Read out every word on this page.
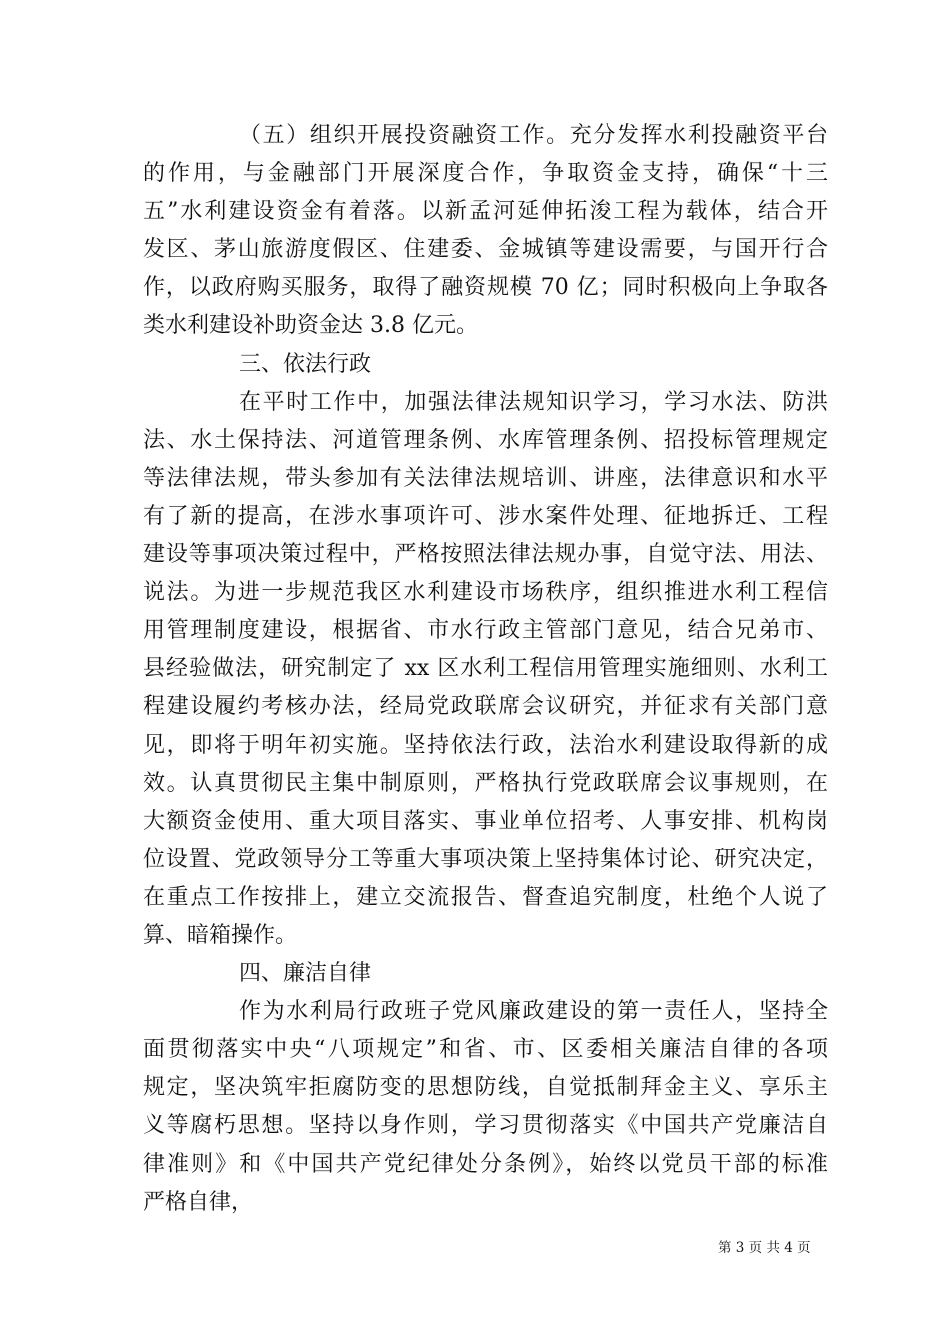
（五）组织开展投资融资工作。充分发挥水利投融资平台
的作用，与金融部门开展深度合作，争取资金支持，确保“十三
五”水利建设资金有着落。以新孟河延伸拓浚工程为载体，结合开
发区、茅山旅游度假区、住建委、金城镇等建设需要，与国开行合
作，以政府购买服务，取得了融资规模 70 亿；同时积极向上争取各
类水利建设补助资金达 3.8 亿元。
三、依法行政
在平时工作中，加强法律法规知识学习，学习水法、防洪
法、水土保持法、河道管理条例、水库管理条例、招投标管理规定
等法律法规，带头参加有关法律法规培训、讲座，法律意识和水平
有了新的提高，在涉水事项许可、涉水案件处理、征地拆迁、工程
建设等事项决策过程中，严格按照法律法规办事，自觉守法、用法、
说法。为进一步规范我区水利建设市场秩序，组织推进水利工程信
用管理制度建设，根据省、市水行政主管部门意见，结合兄弟市、
县经验做法，研究制定了 xx 区水利工程信用管理实施细则、水利工
程建设履约考核办法，经局党政联席会议研究，并征求有关部门意
见，即将于明年初实施。坚持依法行政，法治水利建设取得新的成
效。认真贯彻民主集中制原则，严格执行党政联席会议事规则，在
大额资金使用、重大项目落实、事业单位招考、人事安排、机构岗
位设置、党政领导分工等重大事项决策上坚持集体讨论、研究决定，
在重点工作按排上，建立交流报告、督查追究制度，杜绝个人说了
算、暗箱操作。
四、廉洁自律
作为水利局行政班子党风廉政建设的第一责任人，坚持全
面贯彻落实中央“八项规定”和省、市、区委相关廉洁自律的各项
规定，坚决筑牢拒腐防变的思想防线，自觉抵制拜金主义、享乐主
义等腐朽思想。坚持以身作则，学习贯彻落实《中国共产党廉洁自
律准则》和《中国共产党纪律处分条例》，始终以党员干部的标准
严格自律，
第 3 页 共 4 页
